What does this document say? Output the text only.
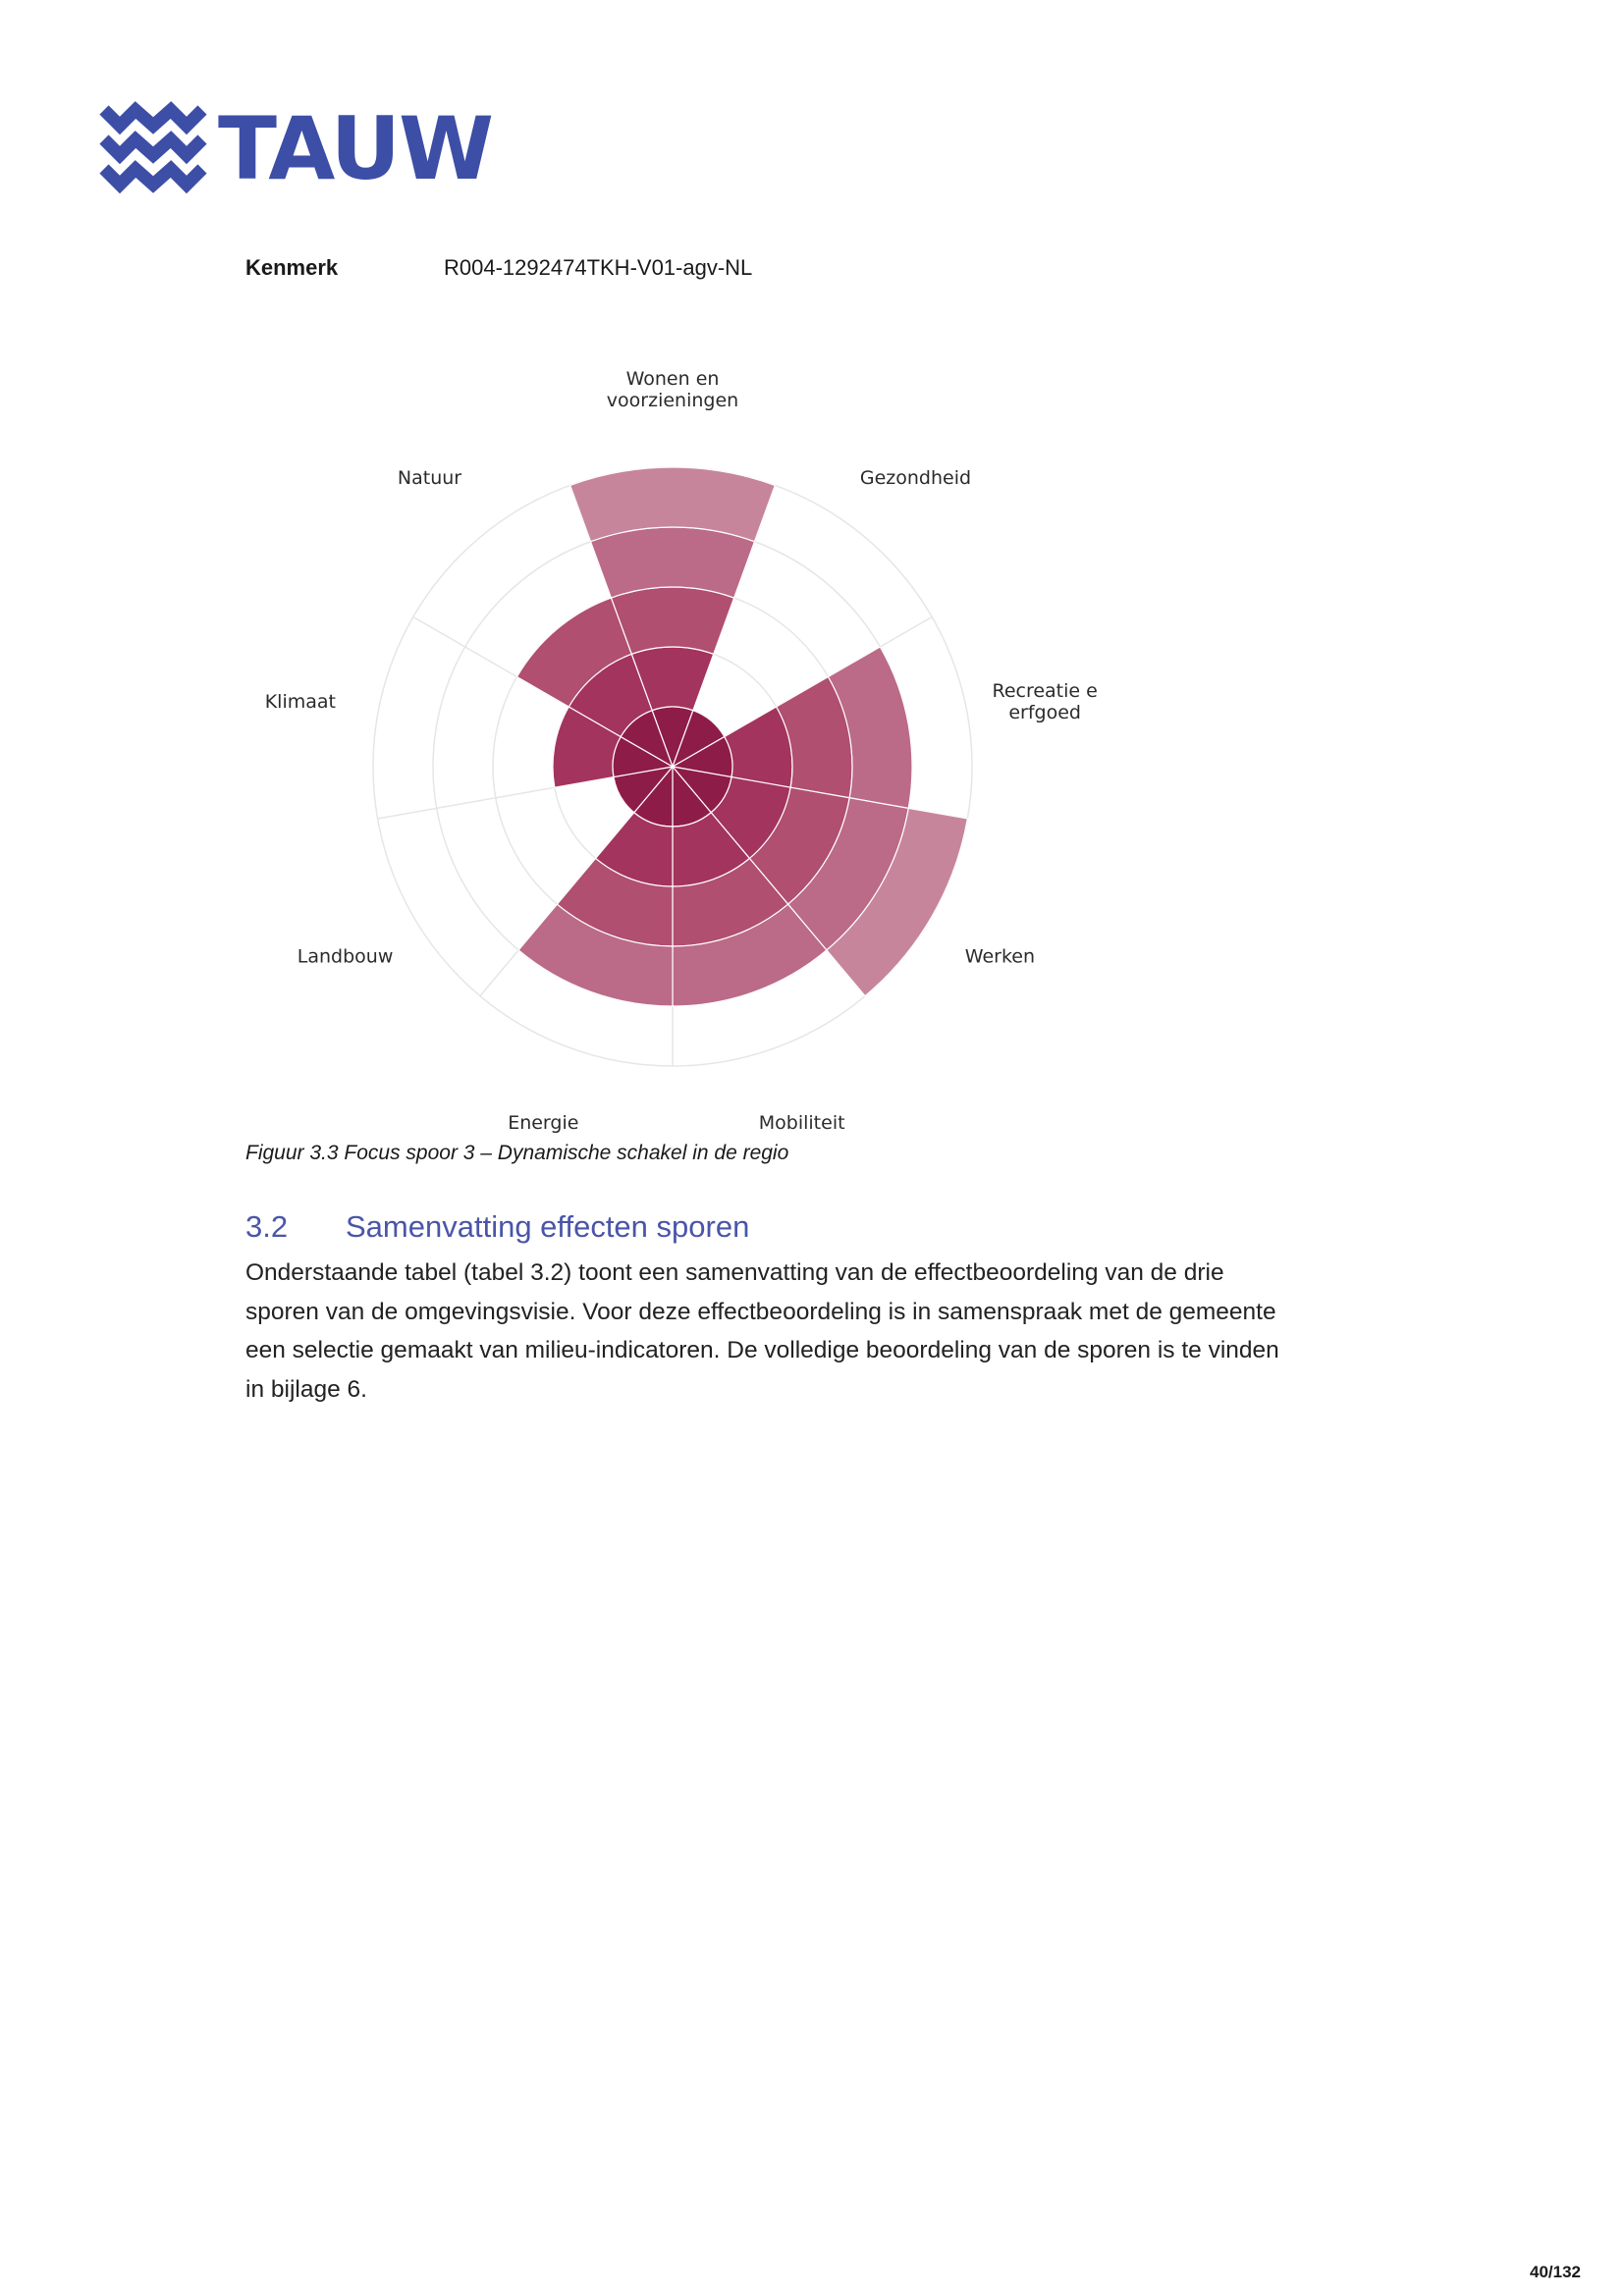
TAUW
Kenmerk	R004-1292474TKH-V01-agv-NL
Wonen en voorzieningen
Gezondheid
Recreatie e erfgoed
Werken
Mobiliteit
Energie
Landbouw
Klimaat
Natuur
Figuur 3.3 Focus spoor 3 – Dynamische schakel in de regio
3.2 Samenvatting effecten sporen
Onderstaande tabel (tabel 3.2) toont een samenvatting van de effectbeoordeling van de drie
sporen van de omgevingsvisie. Voor deze effectbeoordeling is in samenspraak met de gemeente
een selectie gemaakt van milieu-indicatoren. De volledige beoordeling van de sporen is te vinden
in bijlage 6.
40/132
